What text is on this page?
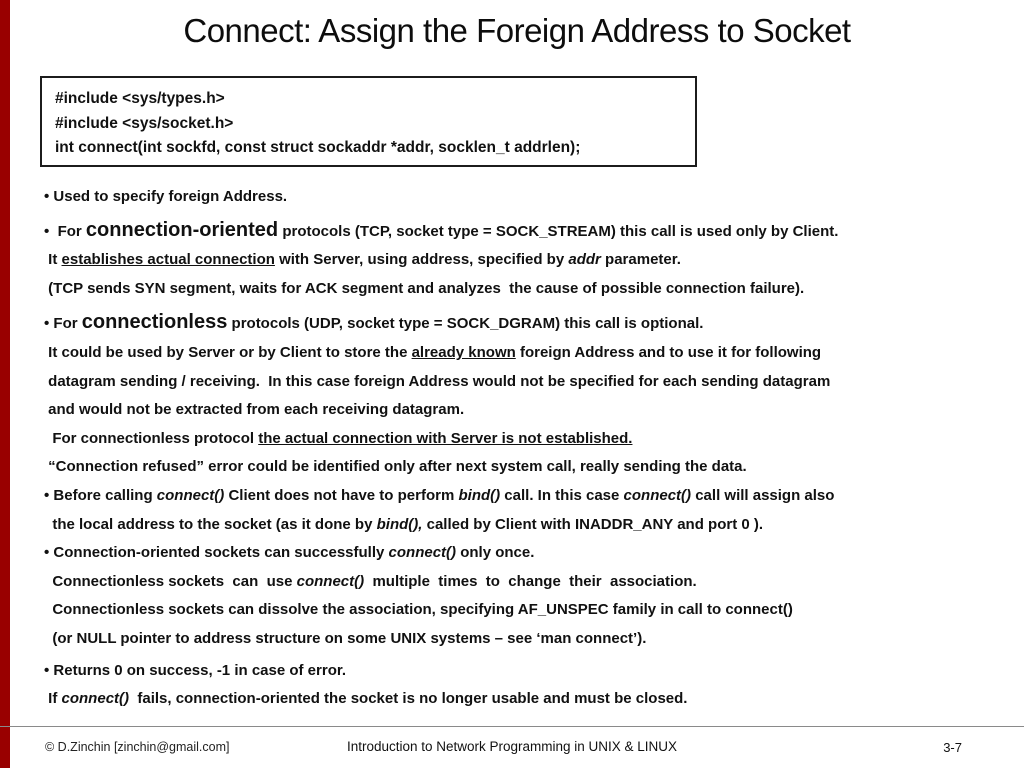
Connect: Assign the Foreign Address to Socket
#include <sys/types.h>
#include <sys/socket.h>
int connect(int sockfd, const struct sockaddr *addr, socklen_t addrlen);
• Used to specify foreign Address.
•  For connection-oriented protocols (TCP, socket type = SOCK_STREAM) this call is used only by Client.
It establishes actual connection with Server, using address, specified by addr parameter.
(TCP sends SYN segment, waits for ACK segment and analyzes  the cause of possible connection failure).
• For connectionless protocols (UDP, socket type = SOCK_DGRAM) this call is optional.
It could be used by Server or by Client to store the already known foreign Address and to use it for following
datagram sending / receiving.  In this case foreign Address would not be specified for each sending datagram
and would not be extracted from each receiving datagram.
For connectionless protocol the actual connection with Server is not established.
“Connection refused” error could be identified only after next system call, really sending the data.
• Before calling connect() Client does not have to perform bind() call. In this case connect() call will assign also
the local address to the socket (as it done by bind(), called by Client with INADDR_ANY and port 0 ).
• Connection-oriented sockets can successfully connect() only once.
Connectionless sockets  can  use connect()  multiple  times  to  change  their  association.
Connectionless sockets can dissolve the association, specifying AF_UNSPEC family in call to connect()
(or NULL pointer to address structure on some UNIX systems – see ‘man connect’).
• Returns 0 on success, -1 in case of error.
If connect()  fails, connection-oriented the socket is no longer usable and must be closed.
© D.Zinchin [zinchin@gmail.com]	Introduction to Network Programming in UNIX & LINUX	3-7
